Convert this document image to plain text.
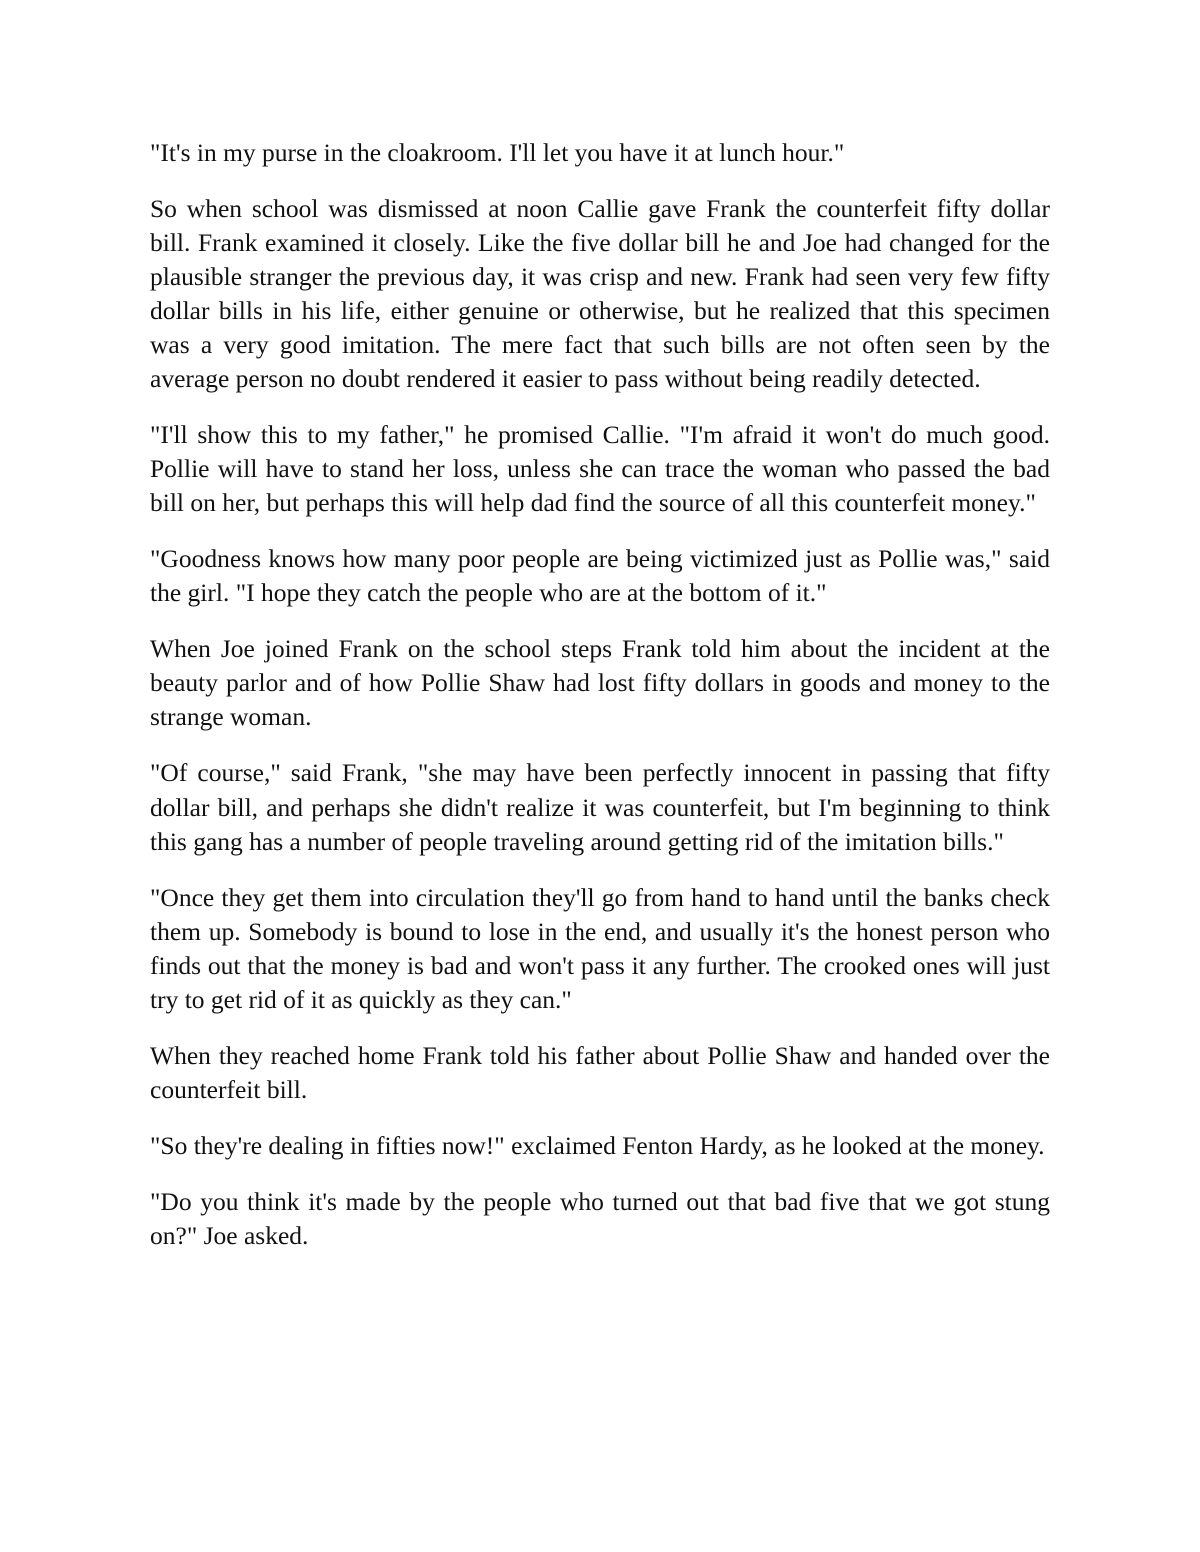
"It's in my purse in the cloakroom. I'll let you have it at lunch hour."

So when school was dismissed at noon Callie gave Frank the counterfeit fifty dollar bill. Frank examined it closely. Like the five dollar bill he and Joe had changed for the plausible stranger the previous day, it was crisp and new. Frank had seen very few fifty dollar bills in his life, either genuine or otherwise, but he realized that this specimen was a very good imitation. The mere fact that such bills are not often seen by the average person no doubt rendered it easier to pass without being readily detected.

"I'll show this to my father," he promised Callie. "I'm afraid it won't do much good. Pollie will have to stand her loss, unless she can trace the woman who passed the bad bill on her, but perhaps this will help dad find the source of all this counterfeit money."

"Goodness knows how many poor people are being victimized just as Pollie was," said the girl. "I hope they catch the people who are at the bottom of it."

When Joe joined Frank on the school steps Frank told him about the incident at the beauty parlor and of how Pollie Shaw had lost fifty dollars in goods and money to the strange woman.

"Of course," said Frank, "she may have been perfectly innocent in passing that fifty dollar bill, and perhaps she didn't realize it was counterfeit, but I'm beginning to think this gang has a number of people traveling around getting rid of the imitation bills."

"Once they get them into circulation they'll go from hand to hand until the banks check them up. Somebody is bound to lose in the end, and usually it's the honest person who finds out that the money is bad and won't pass it any further. The crooked ones will just try to get rid of it as quickly as they can."

When they reached home Frank told his father about Pollie Shaw and handed over the counterfeit bill.

"So they're dealing in fifties now!" exclaimed Fenton Hardy, as he looked at the money.

"Do you think it's made by the people who turned out that bad five that we got stung on?" Joe asked.
